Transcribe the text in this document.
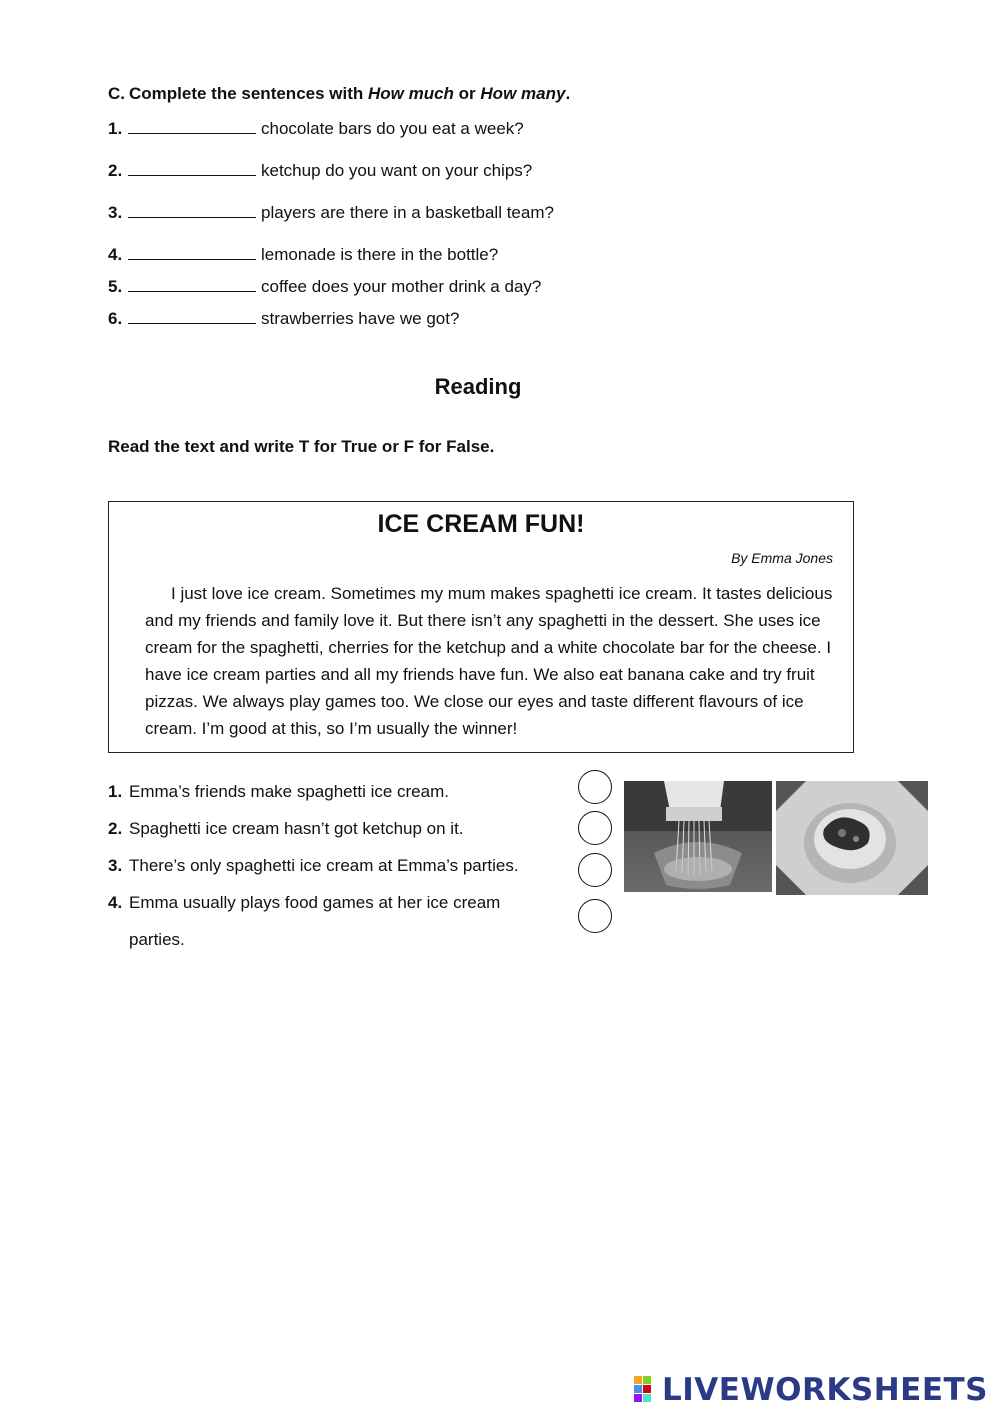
C. Complete the sentences with How much or How many.
1.	chocolate bars do you eat a week?
2.	ketchup do you want on your chips?
3.	players are there in a basketball team?
4.	lemonade is there in the bottle?
5.	coffee does your mother drink a day?
6.	strawberries have we got?
Reading
Read the text and write T for True or F for False.
ICE CREAM FUN!
By Emma Jones

I just love ice cream. Sometimes my mum makes spaghetti ice cream. It tastes delicious and my friends and family love it. But there isn’t any spaghetti in the dessert. She uses ice cream for the spaghetti, cherries for the ketchup and a white chocolate bar for the cheese. I have ice cream parties and all my friends have fun. We also eat banana cake and try fruit pizzas. We always play games too. We close our eyes and taste different flavours of ice cream. I’m good at this, so I’m usually the winner!

1. Emma’s friends make spaghetti ice cream.
2. Spaghetti ice cream hasn’t got ketchup on it.
3. There’s only spaghetti ice cream at Emma’s parties.
4. Emma usually plays food games at her ice cream
parties.
LIVEWORKSHEETS
